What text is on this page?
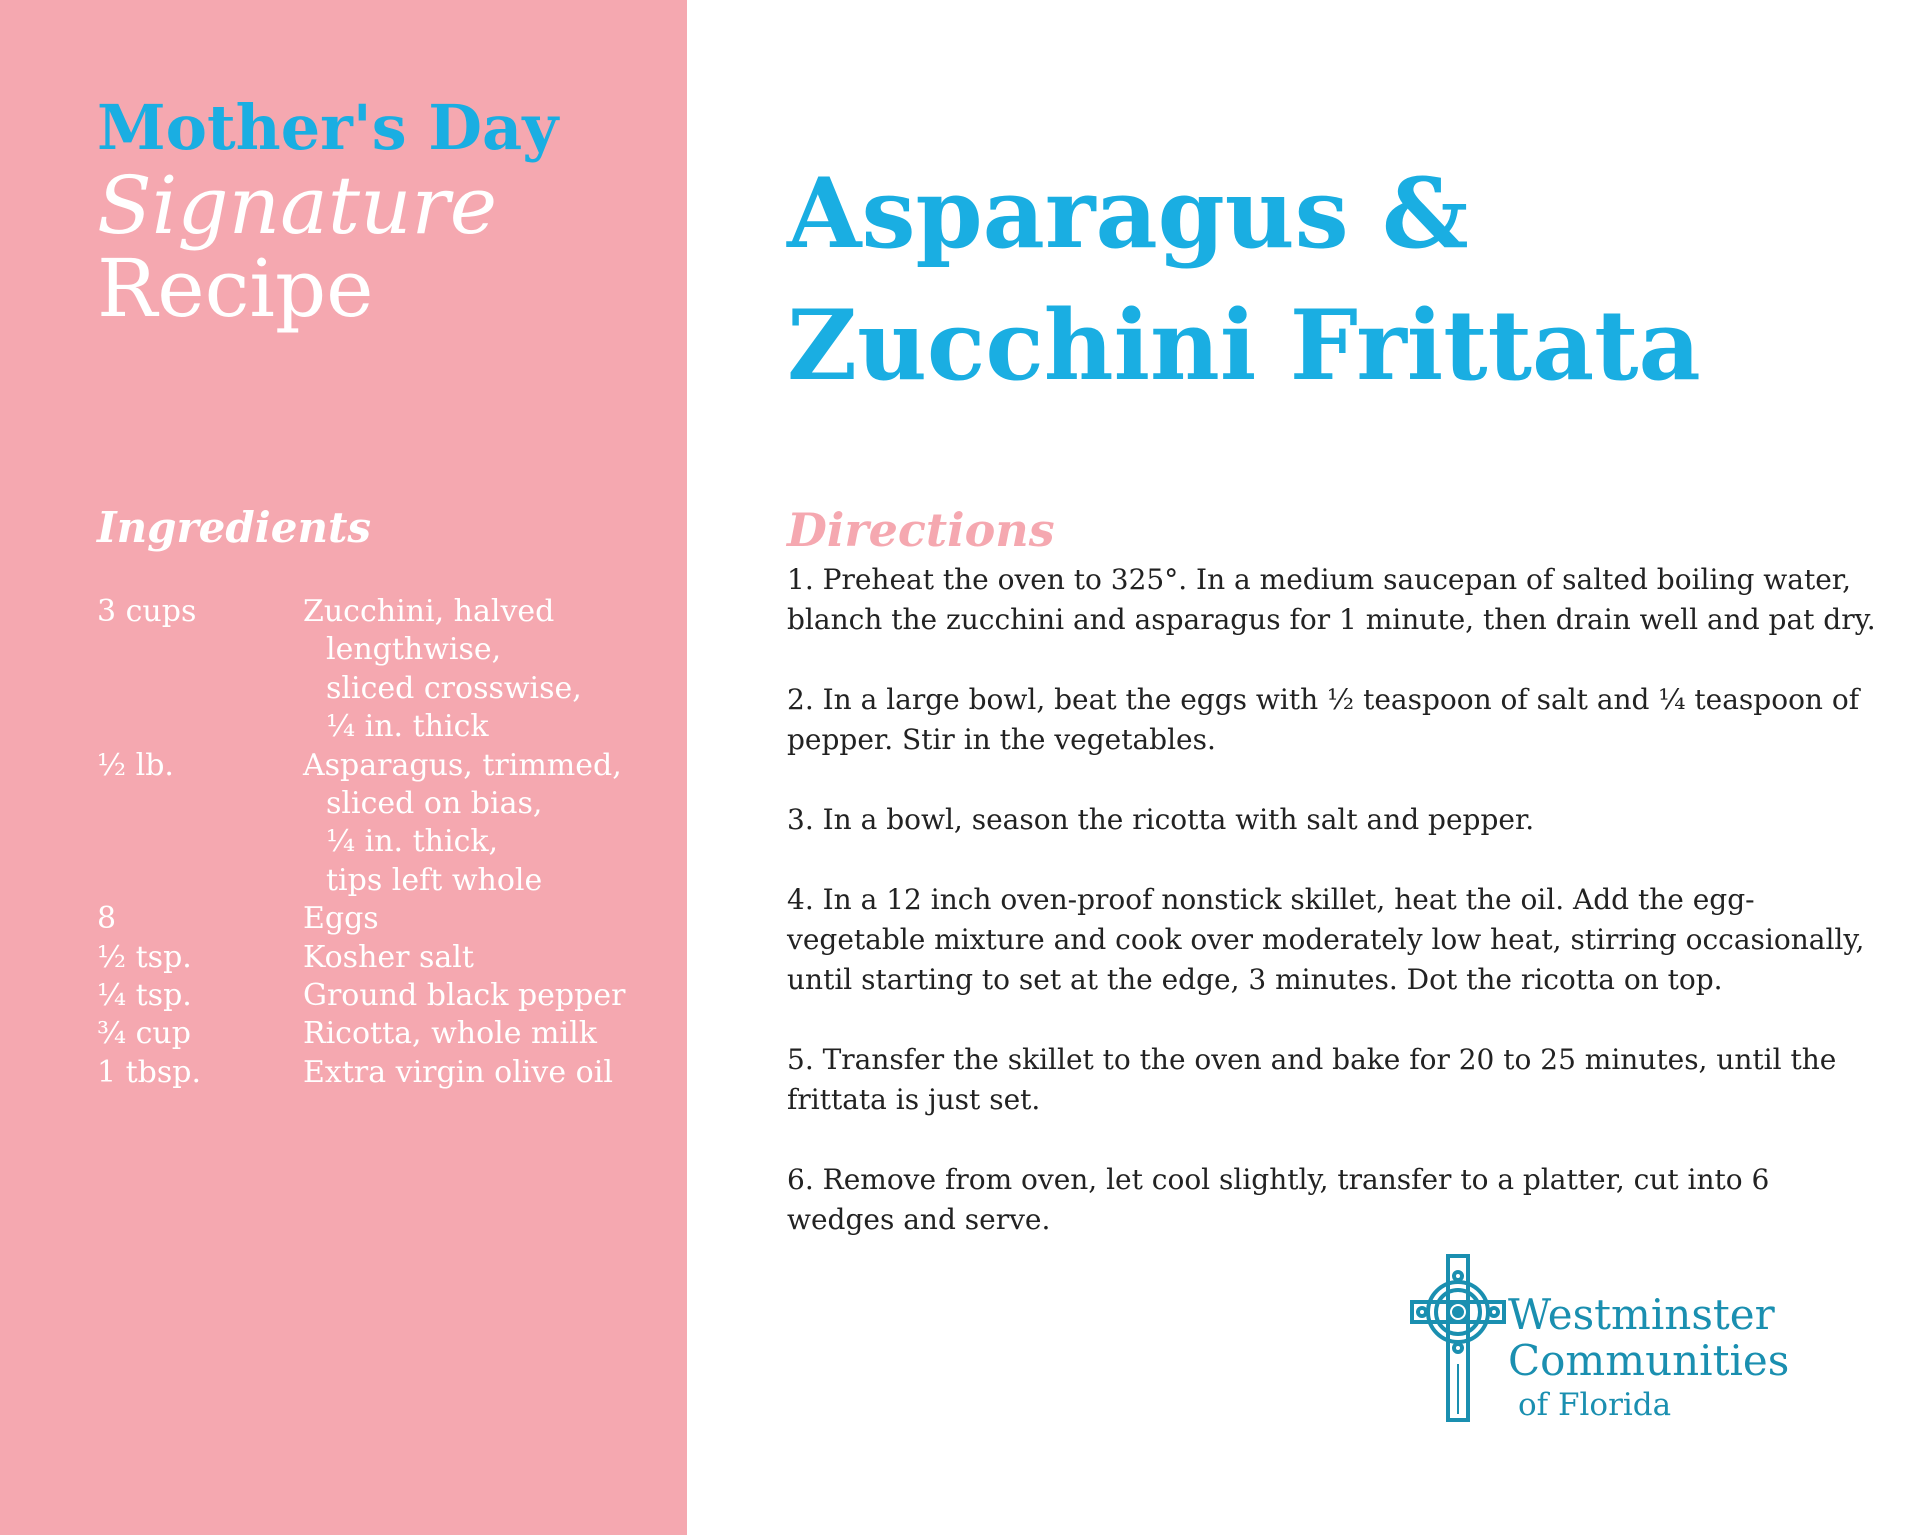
Mother's Day
Signature
Recipe
Ingredients
3 cups	Zucchini, halved
lengthwise,
sliced crosswise,
¼ in. thick
½ lb.	Asparagus, trimmed,
sliced on bias,
¼ in. thick,
tips left whole
8	Eggs
½ tsp.	Kosher salt
¼ tsp.	Ground black pepper
¾ cup	Ricotta, whole milk
1 tbsp.	Extra virgin olive oil
Asparagus &
Zucchini Frittata
Directions

1. Preheat the oven to 325°. In a medium saucepan of salted boiling water, blanch the zucchini and asparagus for 1 minute, then drain well and pat dry.

2. In a large bowl, beat the eggs with ½ teaspoon of salt and ¼ teaspoon of pepper. Stir in the vegetables.

3. In a bowl, season the ricotta with salt and pepper.

4. In a 12 inch oven-proof nonstick skillet, heat the oil. Add the egg-vegetable mixture and cook over moderately low heat, stirring occasionally, until starting to set at the edge, 3 minutes. Dot the ricotta on top.

5. Transfer the skillet to the oven and bake for 20 to 25 minutes, until the frittata is just set.

6. Remove from oven, let cool slightly, transfer to a platter, cut into 6 wedges and serve.

Westminster
Communities
of Florida
